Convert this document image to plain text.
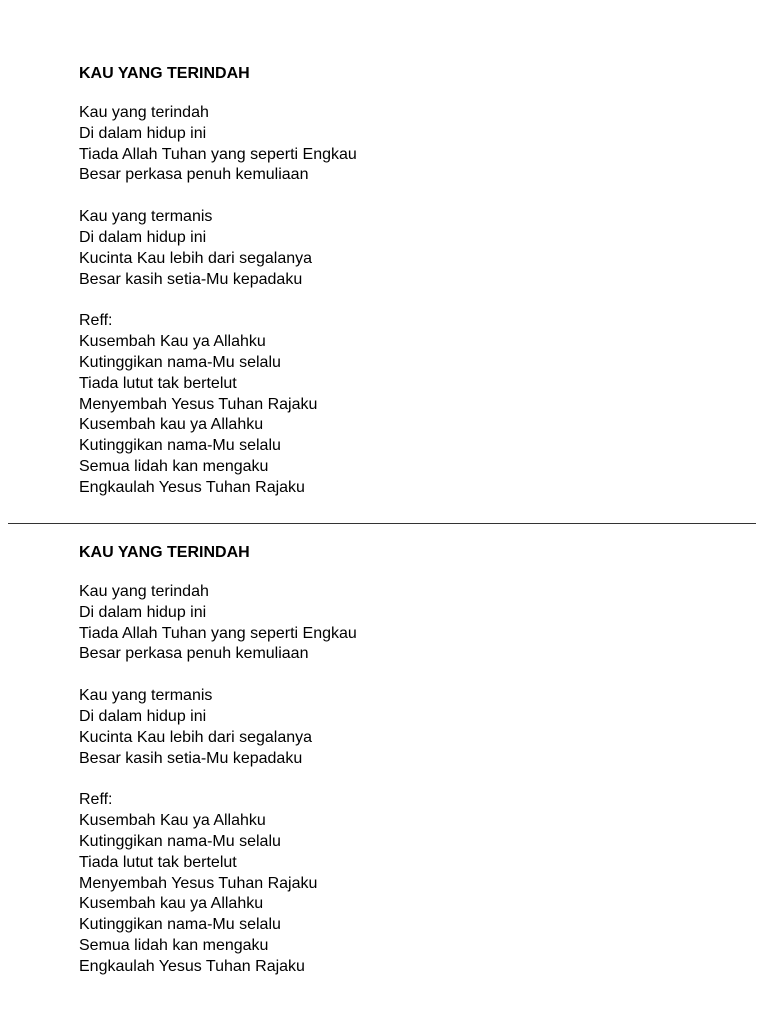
KAU YANG TERINDAH
Kau yang terindah
Di dalam hidup ini
Tiada Allah Tuhan yang seperti Engkau
Besar perkasa penuh kemuliaan
Kau yang termanis
Di dalam hidup ini
Kucinta Kau lebih dari segalanya
Besar kasih setia-Mu kepadaku
Reff:
Kusembah Kau ya Allahku
Kutinggikan nama-Mu selalu
Tiada lutut tak bertelut
Menyembah Yesus Tuhan Rajaku
Kusembah kau ya Allahku
Kutinggikan nama-Mu selalu
Semua lidah kan mengaku
Engkaulah Yesus Tuhan Rajaku
KAU YANG TERINDAH
Kau yang terindah
Di dalam hidup ini
Tiada Allah Tuhan yang seperti Engkau
Besar perkasa penuh kemuliaan
Kau yang termanis
Di dalam hidup ini
Kucinta Kau lebih dari segalanya
Besar kasih setia-Mu kepadaku
Reff:
Kusembah Kau ya Allahku
Kutinggikan nama-Mu selalu
Tiada lutut tak bertelut
Menyembah Yesus Tuhan Rajaku
Kusembah kau ya Allahku
Kutinggikan nama-Mu selalu
Semua lidah kan mengaku
Engkaulah Yesus Tuhan Rajaku
